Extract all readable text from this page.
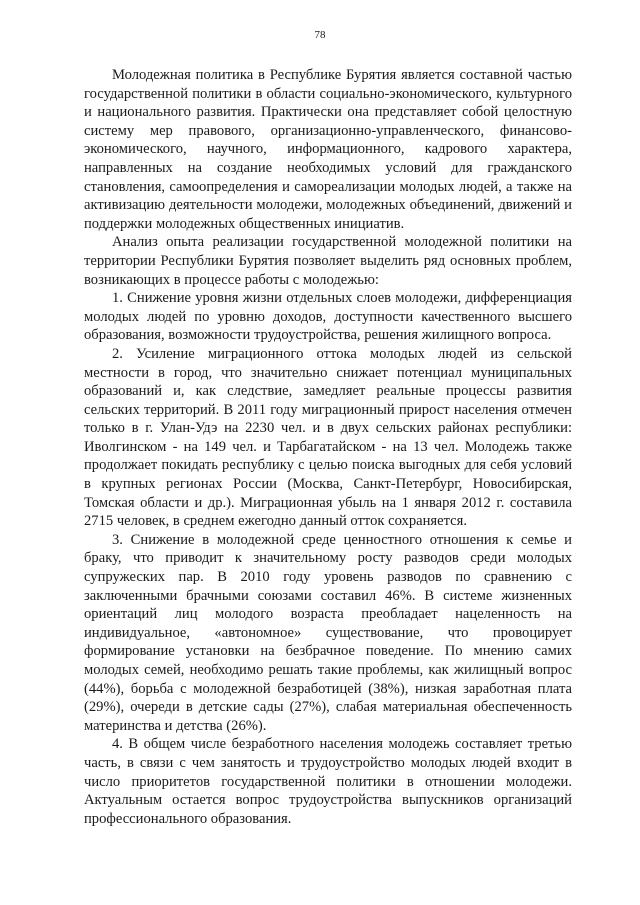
78

Молодежная политика в Республике Бурятия является составной частью государственной политики в области социально-экономического, культурного и национального развития. Практически она представляет собой целостную систему мер правового, организационно-управленческого, финансово-экономического, научного, информационного, кадрового характера, направленных на создание необходимых условий для гражданского становления, самоопределения и самореализации молодых людей, а также на активизацию деятельности молодежи, молодежных объединений, движений и поддержки молодежных общественных инициатив.

Анализ опыта реализации государственной молодежной политики на территории Республики Бурятия позволяет выделить ряд основных проблем, возникающих в процессе работы с молодежью:

1. Снижение уровня жизни отдельных слоев молодежи, дифференциация молодых людей по уровню доходов, доступности качественного высшего образования, возможности трудоустройства, решения жилищного вопроса.

2. Усиление миграционного оттока молодых людей из сельской местности в город, что значительно снижает потенциал муниципальных образований и, как следствие, замедляет реальные процессы развития сельских территорий. В 2011 году миграционный прирост населения отмечен только в г. Улан-Удэ на 2230 чел. и в двух сельских районах республики: Иволгинском - на 149 чел. и Тарбагатайском - на 13 чел. Молодежь также продолжает покидать республику с целью поиска выгодных для себя условий в крупных регионах России (Москва, Санкт-Петербург, Новосибирская, Томская области и др.). Миграционная убыль на 1 января 2012 г. составила 2715 человек, в среднем ежегодно данный отток сохраняется.

3. Снижение в молодежной среде ценностного отношения к семье и браку, что приводит к значительному росту разводов среди молодых супружеских пар. В 2010 году уровень разводов по сравнению с заключенными брачными союзами составил 46%. В системе жизненных ориентаций лиц молодого возраста преобладает нацеленность на индивидуальное, «автономное» существование, что провоцирует формирование установки на безбрачное поведение. По мнению самих молодых семей, необходимо решать такие проблемы, как жилищный вопрос (44%), борьба с молодежной безработицей (38%), низкая заработная плата (29%), очереди в детские сады (27%), слабая материальная обеспеченность материнства и детства (26%).

4. В общем числе безработного населения молодежь составляет третью часть, в связи с чем занятость и трудоустройство молодых людей входит в число приоритетов государственной политики в отношении молодежи. Актуальным остается вопрос трудоустройства выпускников организаций профессионального образования.
